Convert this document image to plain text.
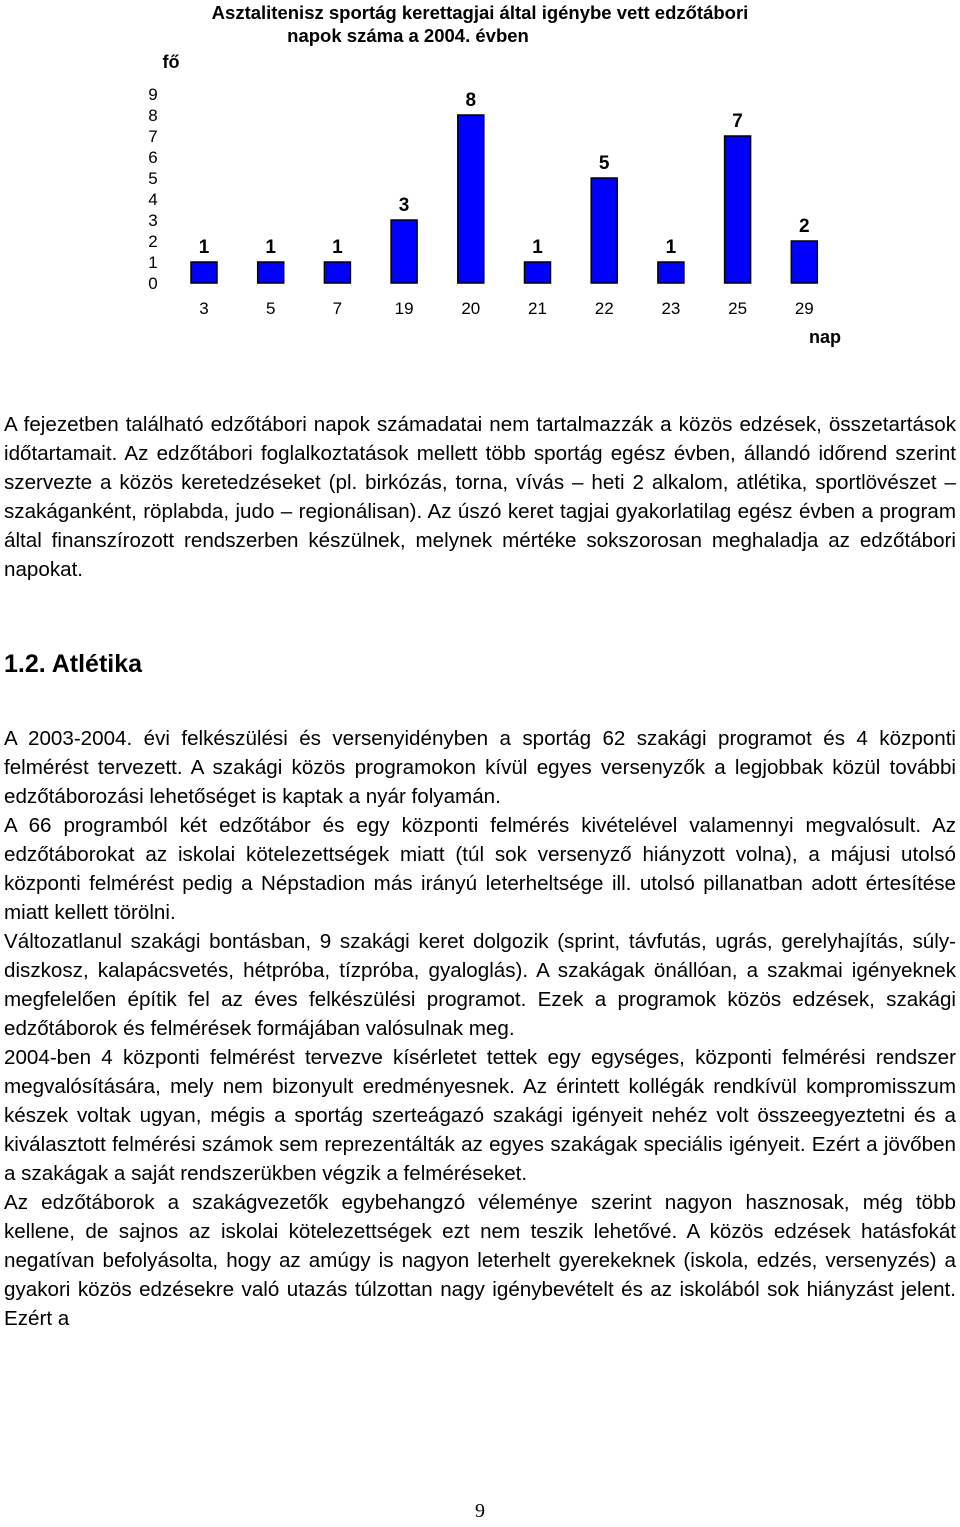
Asztalitenisz sportág kerettagjai által igénybe vett edzőtábori
napok száma a 2004. évben
fő
nap
0
1
2
3
4
5
6
7
8
9
1	1	1
3
8
1
5
1
7
2
3	5	7	19	20	21	22	23	25	29

A fejezetben található edzőtábori napok számadatai nem tartalmazzák a közös edzések, összetartások időtartamait. Az edzőtábori foglalkoztatások mellett több sportág egész évben, állandó időrend szerint szervezte a közös keretedzéseket (pl. birkózás, torna, vívás – heti 2 alkalom, atlétika, sportlövészet – szakáganként, röplabda, judo – regionálisan). Az úszó keret tagjai gyakorlatilag egész évben a program által finanszírozott rendszerben készülnek, melynek mértéke sokszorosan meghaladja az edzőtábori napokat.

1.2. Atlétika

A 2003-2004. évi felkészülési és versenyidényben a sportág 62 szakági programot és 4 központi felmérést tervezett. A szakági közös programokon kívül egyes versenyzők a legjobbak közül további edzőtáborozási lehetőséget is kaptak a nyár folyamán.

A 66 programból két edzőtábor és egy központi felmérés kivételével valamennyi megvalósult. Az edzőtáborokat az iskolai kötelezettségek miatt (túl sok versenyző hiányzott volna), a májusi utolsó központi felmérést pedig a Népstadion más irányú leterheltsége ill. utolsó pillanatban adott értesítése miatt kellett törölni.

Változatlanul szakági bontásban, 9 szakági keret dolgozik (sprint, távfutás, ugrás, gerelyhajítás, súly-diszkosz, kalapácsvetés, hétpróba, tízpróba, gyaloglás). A szakágak önállóan, a szakmai igényeknek megfelelően építik fel az éves felkészülési programot. Ezek a programok közös edzések, szakági edzőtáborok és felmérések formájában valósulnak meg.

2004-ben 4 központi felmérést tervezve kísérletet tettek egy egységes, központi felmérési rendszer megvalósítására, mely nem bizonyult eredményesnek. Az érintett kollégák rendkívül kompromisszum készek voltak ugyan, mégis a sportág szerteágazó szakági igényeit nehéz volt összeegyeztetni és a kiválasztott felmérési számok sem reprezentálták az egyes szakágak speciális igényeit. Ezért a jövőben a szakágak a saját rendszerükben végzik a felméréseket.

Az edzőtáborok a szakágvezetők egybehangzó véleménye szerint nagyon hasznosak, még több kellene, de sajnos az iskolai kötelezettségek ezt nem teszik lehetővé. A közös edzések hatásfokát negatívan befolyásolta, hogy az amúgy is nagyon leterhelt gyerekeknek (iskola, edzés, versenyzés) a gyakori közös edzésekre való utazás túlzottan nagy igénybevételt és az iskolából sok hiányzást jelent. Ezért a

9
